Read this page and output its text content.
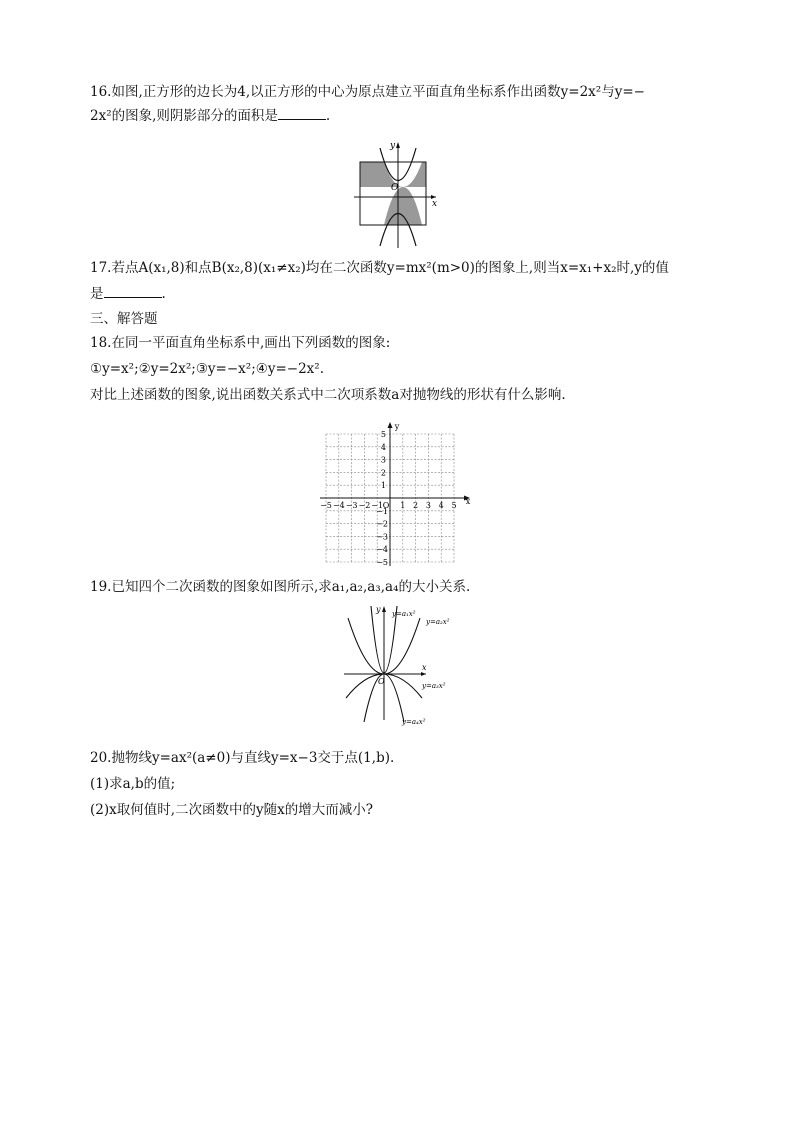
16.如图,正方形的边长为4,以正方形的中心为原点建立平面直角坐标系作出函数y=2x²与y=−
2x²的图象,则阴影部分的面积是	.
y
x
O
17.若点A(x₁,8)和点B(x₂,8)(x₁≠x₂)均在二次函数y=mx²(m>0)的图象上,则当x=x₁+x₂时,y的值
是	.
三、解答题
18.在同一平面直角坐标系中,画出下列函数的图象:
①y=x²;②y=2x²;③y=−x²;④y=−2x².
对比上述函数的图象,说出函数关系式中二次项系数a对抛物线的形状有什么影响.
−5 −4 −3 −2 −1 O 1 2 3 4 5
5
4
3
2
1
−1
−2
−3
−4
−5
y
x
19.已知四个二次函数的图象如图所示,求a₁,a₂,a₃,a₄的大小关系.
y
x
O
y=a₁x²
y=a₂x²
y=a₃x²
y=a₄x²
20.抛物线y=ax²(a≠0)与直线y=x−3交于点(1,b).
(1)求a,b的值;
(2)x取何值时,二次函数中的y随x的增大而减小?
